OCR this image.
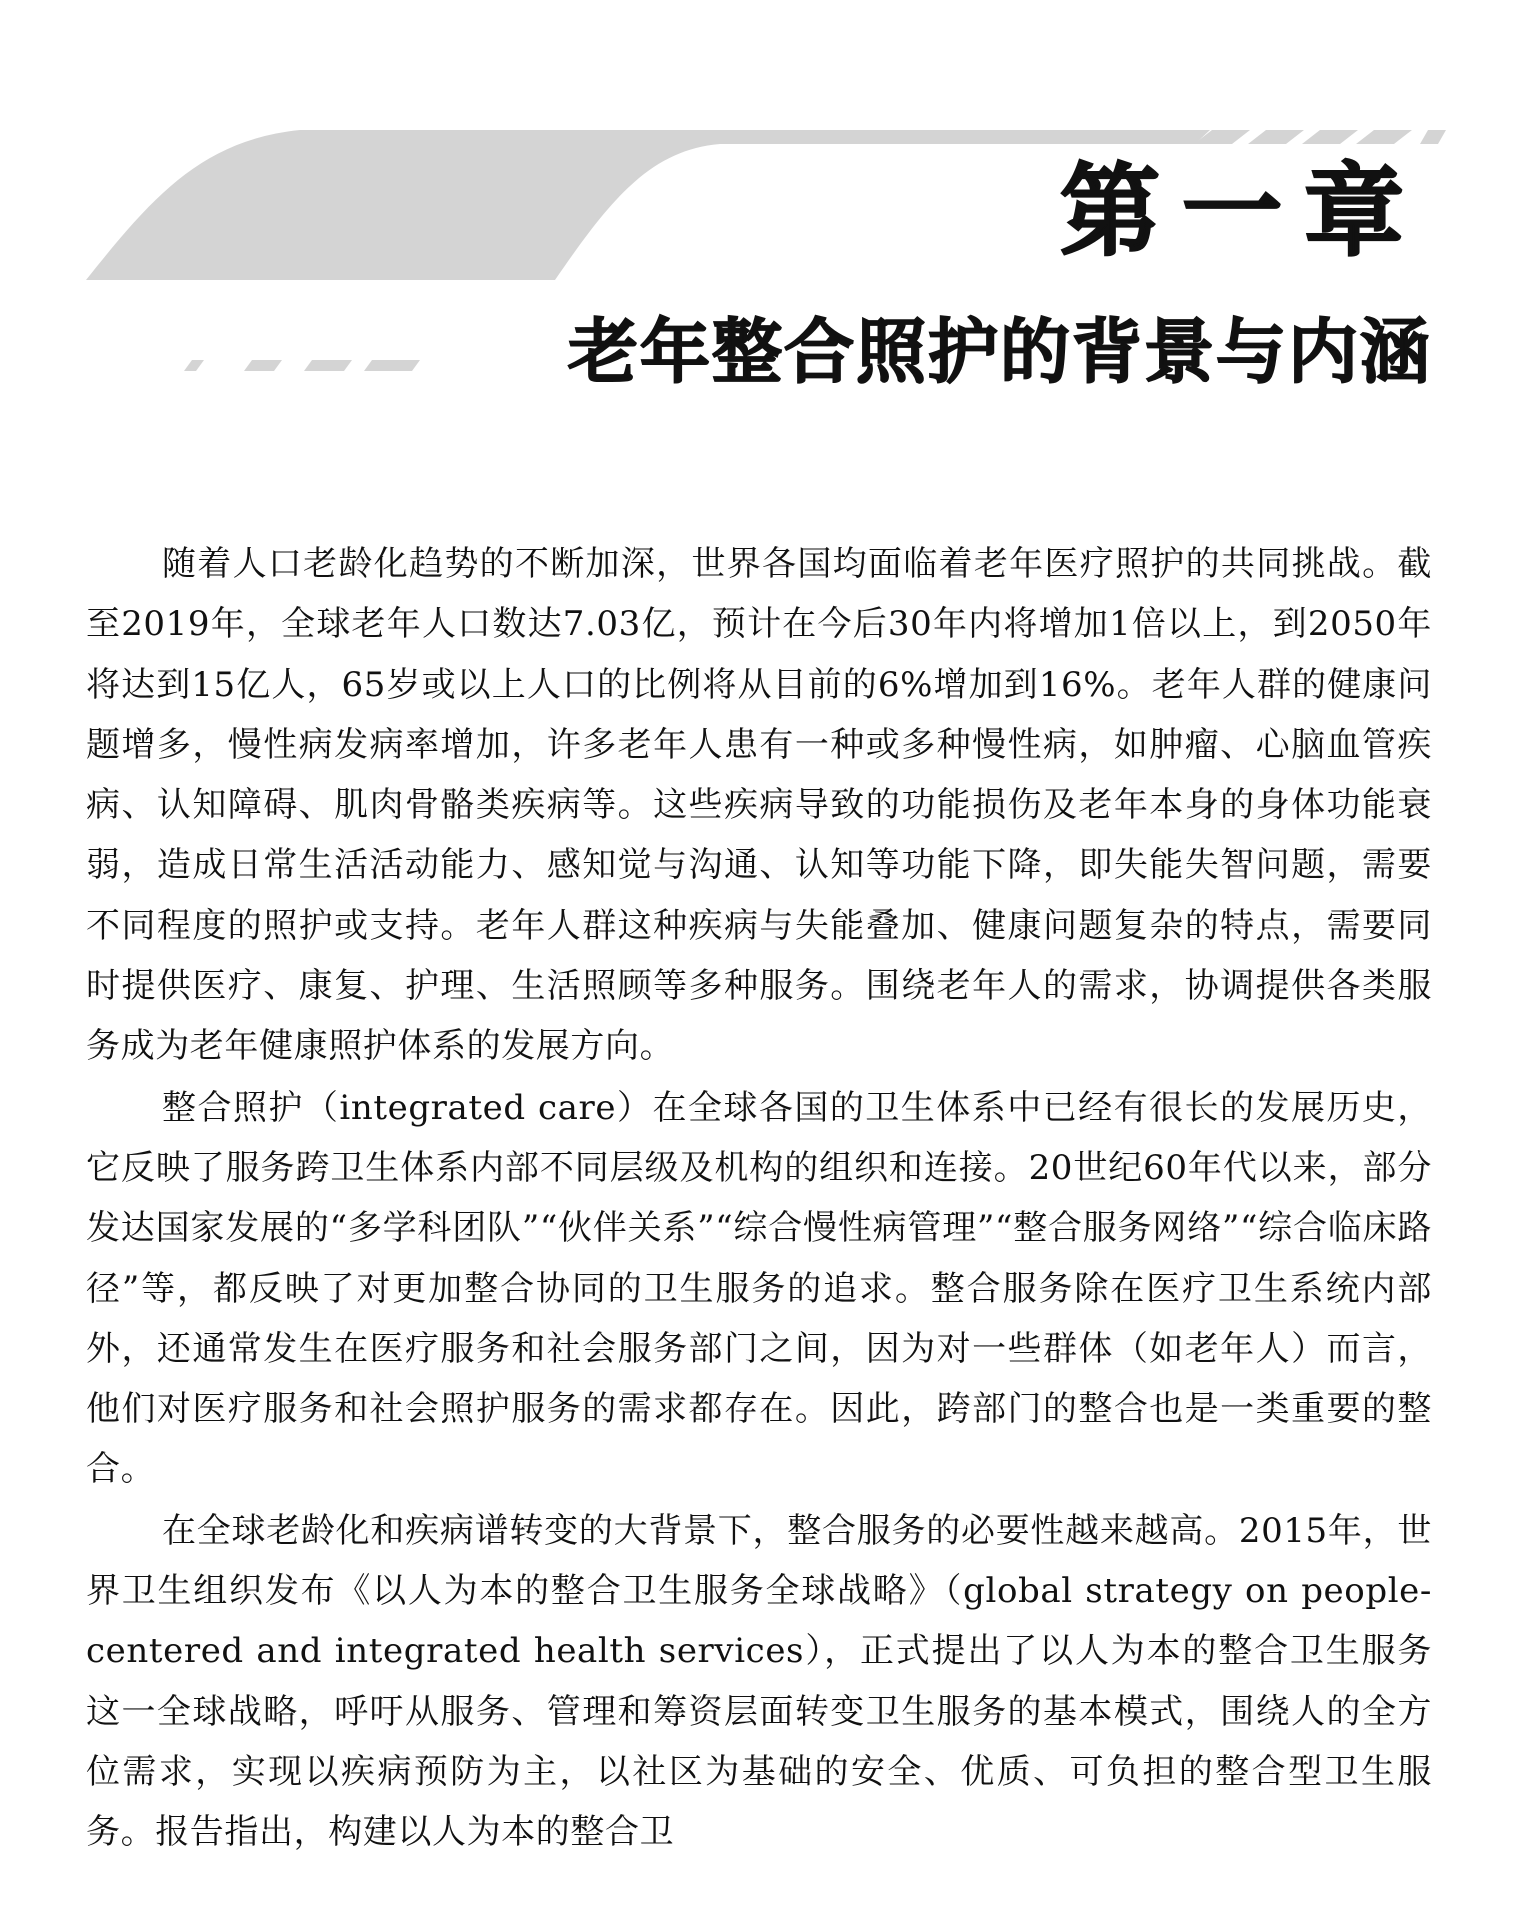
第一章
老年整合照护的背景与内涵

随着人口老龄化趋势的不断加深，世界各国均面临着老年医疗照护的共同挑战。截至2019年，全球老年人口数达7.03亿，预计在今后30年内将增加1倍以上，到2050年将达到15亿人，65岁或以上人口的比例将从目前的6%增加到16%。老年人群的健康问题增多，慢性病发病率增加，许多老年人患有一种或多种慢性病，如肿瘤、心脑血管疾病、认知障碍、肌肉骨骼类疾病等。这些疾病导致的功能损伤及老年本身的身体功能衰弱，造成日常生活活动能力、感知觉与沟通、认知等功能下降，即失能失智问题，需要不同程度的照护或支持。老年人群这种疾病与失能叠加、健康问题复杂的特点，需要同时提供医疗、康复、护理、生活照顾等多种服务。围绕老年人的需求，协调提供各类服务成为老年健康照护体系的发展方向。

整合照护（integrated care）在全球各国的卫生体系中已经有很长的发展历史，它反映了服务跨卫生体系内部不同层级及机构的组织和连接。20世纪60年代以来，部分发达国家发展的“多学科团队”“伙伴关系”“综合慢性病管理”“整合服务网络”“综合临床路径”等，都反映了对更加整合协同的卫生服务的追求。整合服务除在医疗卫生系统内部外，还通常发生在医疗服务和社会服务部门之间，因为对一些群体（如老年人）而言，他们对医疗服务和社会照护服务的需求都存在。因此，跨部门的整合也是一类重要的整合。

在全球老龄化和疾病谱转变的大背景下，整合服务的必要性越来越高。2015年，世界卫生组织发布《以人为本的整合卫生服务全球战略》（global strategy on people-centered and integrated health services），正式提出了以人为本的整合卫生服务这一全球战略，呼吁从服务、管理和筹资层面转变卫生服务的基本模式，围绕人的全方位需求，实现以疾病预防为主，以社区为基础的安全、优质、可负担的整合型卫生服务。报告指出，构建以人为本的整合卫
